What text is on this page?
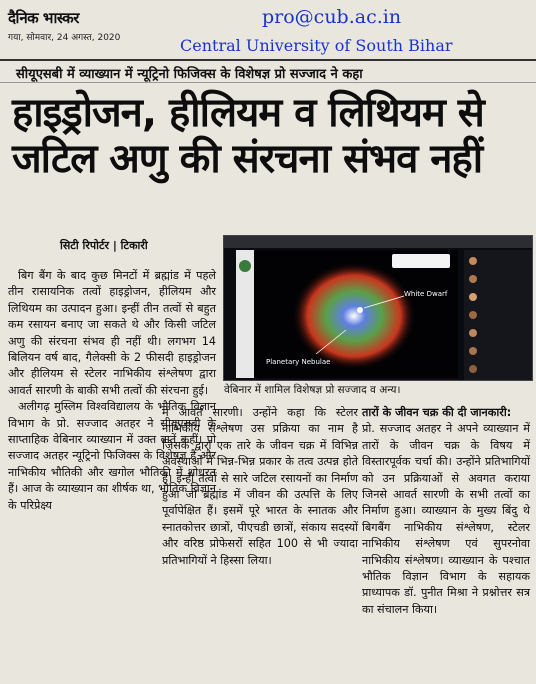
दैनिक भास्कर
गया, सोमवार, 24 अगस्त, 2020
pro@cub.ac.in
Central University of South Bihar
सीयूएसबी में व्याख्यान में न्यूट्रिनो फिजिक्स के विशेषज्ञ प्रो सज्जाद ने कहा
हाइड्रोजन, हीलियम व लिथियम से
जटिल अणु की संरचना संभव नहीं
सिटी रिपोर्टर | टिकारी
White Dwarf
Planetary Nebulae
वेबिनार में शामिल विशेषज्ञ प्रो सज्जाद व अन्य।

बिग बैंग के बाद कुछ मिनटों में ब्रह्मांड में पहले तीन रासायनिक तत्वों हाइड्रोजन, हीलियम और लिथियम का उत्पादन हुआ। इन्हीं तीन तत्वों से बहुत कम रसायन बनाए जा सकते थे और किसी जटिल अणु की संरचना संभव ही नहीं थी। लगभग 14 बिलियन वर्ष बाद, गैलेक्सी के 2 फीसदी हाइड्रोजन और हीलियम से स्टेलर नाभिकीय संश्लेषण द्वारा आवर्त सारणी के बाकी सभी तत्वों की संरचना हुई।

अलीगढ़ मुस्लिम विश्वविद्यालय के भौतिक विज्ञान विभाग के प्रो. सज्जाद अतहर ने सीयूएसबी के साप्ताहिक वेबिनार व्याख्यान में उक्त बातें कहीं। प्रो सज्जाद अतहर न्यूट्रिनो फिजिक्स के विशेषज्ञ हैं और नाभिकीय भौतिकी और खगोल भौतिकी में शोधरत हैं। आज के व्याख्यान का शीर्षक था, भौतिक विज्ञान के परिप्रेक्ष्य

में आवर्त सारणी। उन्होंने कहा कि स्टेलर नाभिकीय संश्लेषण उस प्रक्रिया का नाम है जिसके द्वारा एक तारे के जीवन चक्र में विभिन्न अवस्थाओं में भिन्न-भिन्न प्रकार के तत्व उत्पन्न होते हैं। इन्हीं तत्वों से सारे जटिल रसायनों का निर्माण हुआ जो ब्रह्मांड में जीवन की उत्पत्ति के लिए पूर्वापेक्षित हैं। इसमें पूरे भारत के स्नातक और स्नातकोत्तर छात्रों, पीएचडी छात्रों, संकाय सदस्यों और वरिष्ठ प्रोफेसरों सहित 100 से भी ज्यादा प्रतिभागियों ने हिस्सा लिया।

तारों के जीवन चक्र की दी जानकारी:

प्रो. सज्जाद अतहर ने अपने व्याख्यान में तारों के जीवन चक्र के विषय में विस्तारपूर्वक चर्चा की। उन्होंने प्रतिभागियों को उन प्रक्रियाओं से अवगत कराया जिनसे आवर्त सारणी के सभी तत्वों का निर्माण हुआ। व्याख्यान के मुख्य बिंदु थे बिगबैंग नाभिकीय संश्लेषण, स्टेलर नाभिकीय संश्लेषण एवं सुपरनोवा नाभिकीय संश्लेषण। व्याख्यान के पश्चात भौतिक विज्ञान विभाग के सहायक प्राध्यापक डॉ. पुनीत मिश्रा ने प्रश्नोत्तर सत्र का संचालन किया।
